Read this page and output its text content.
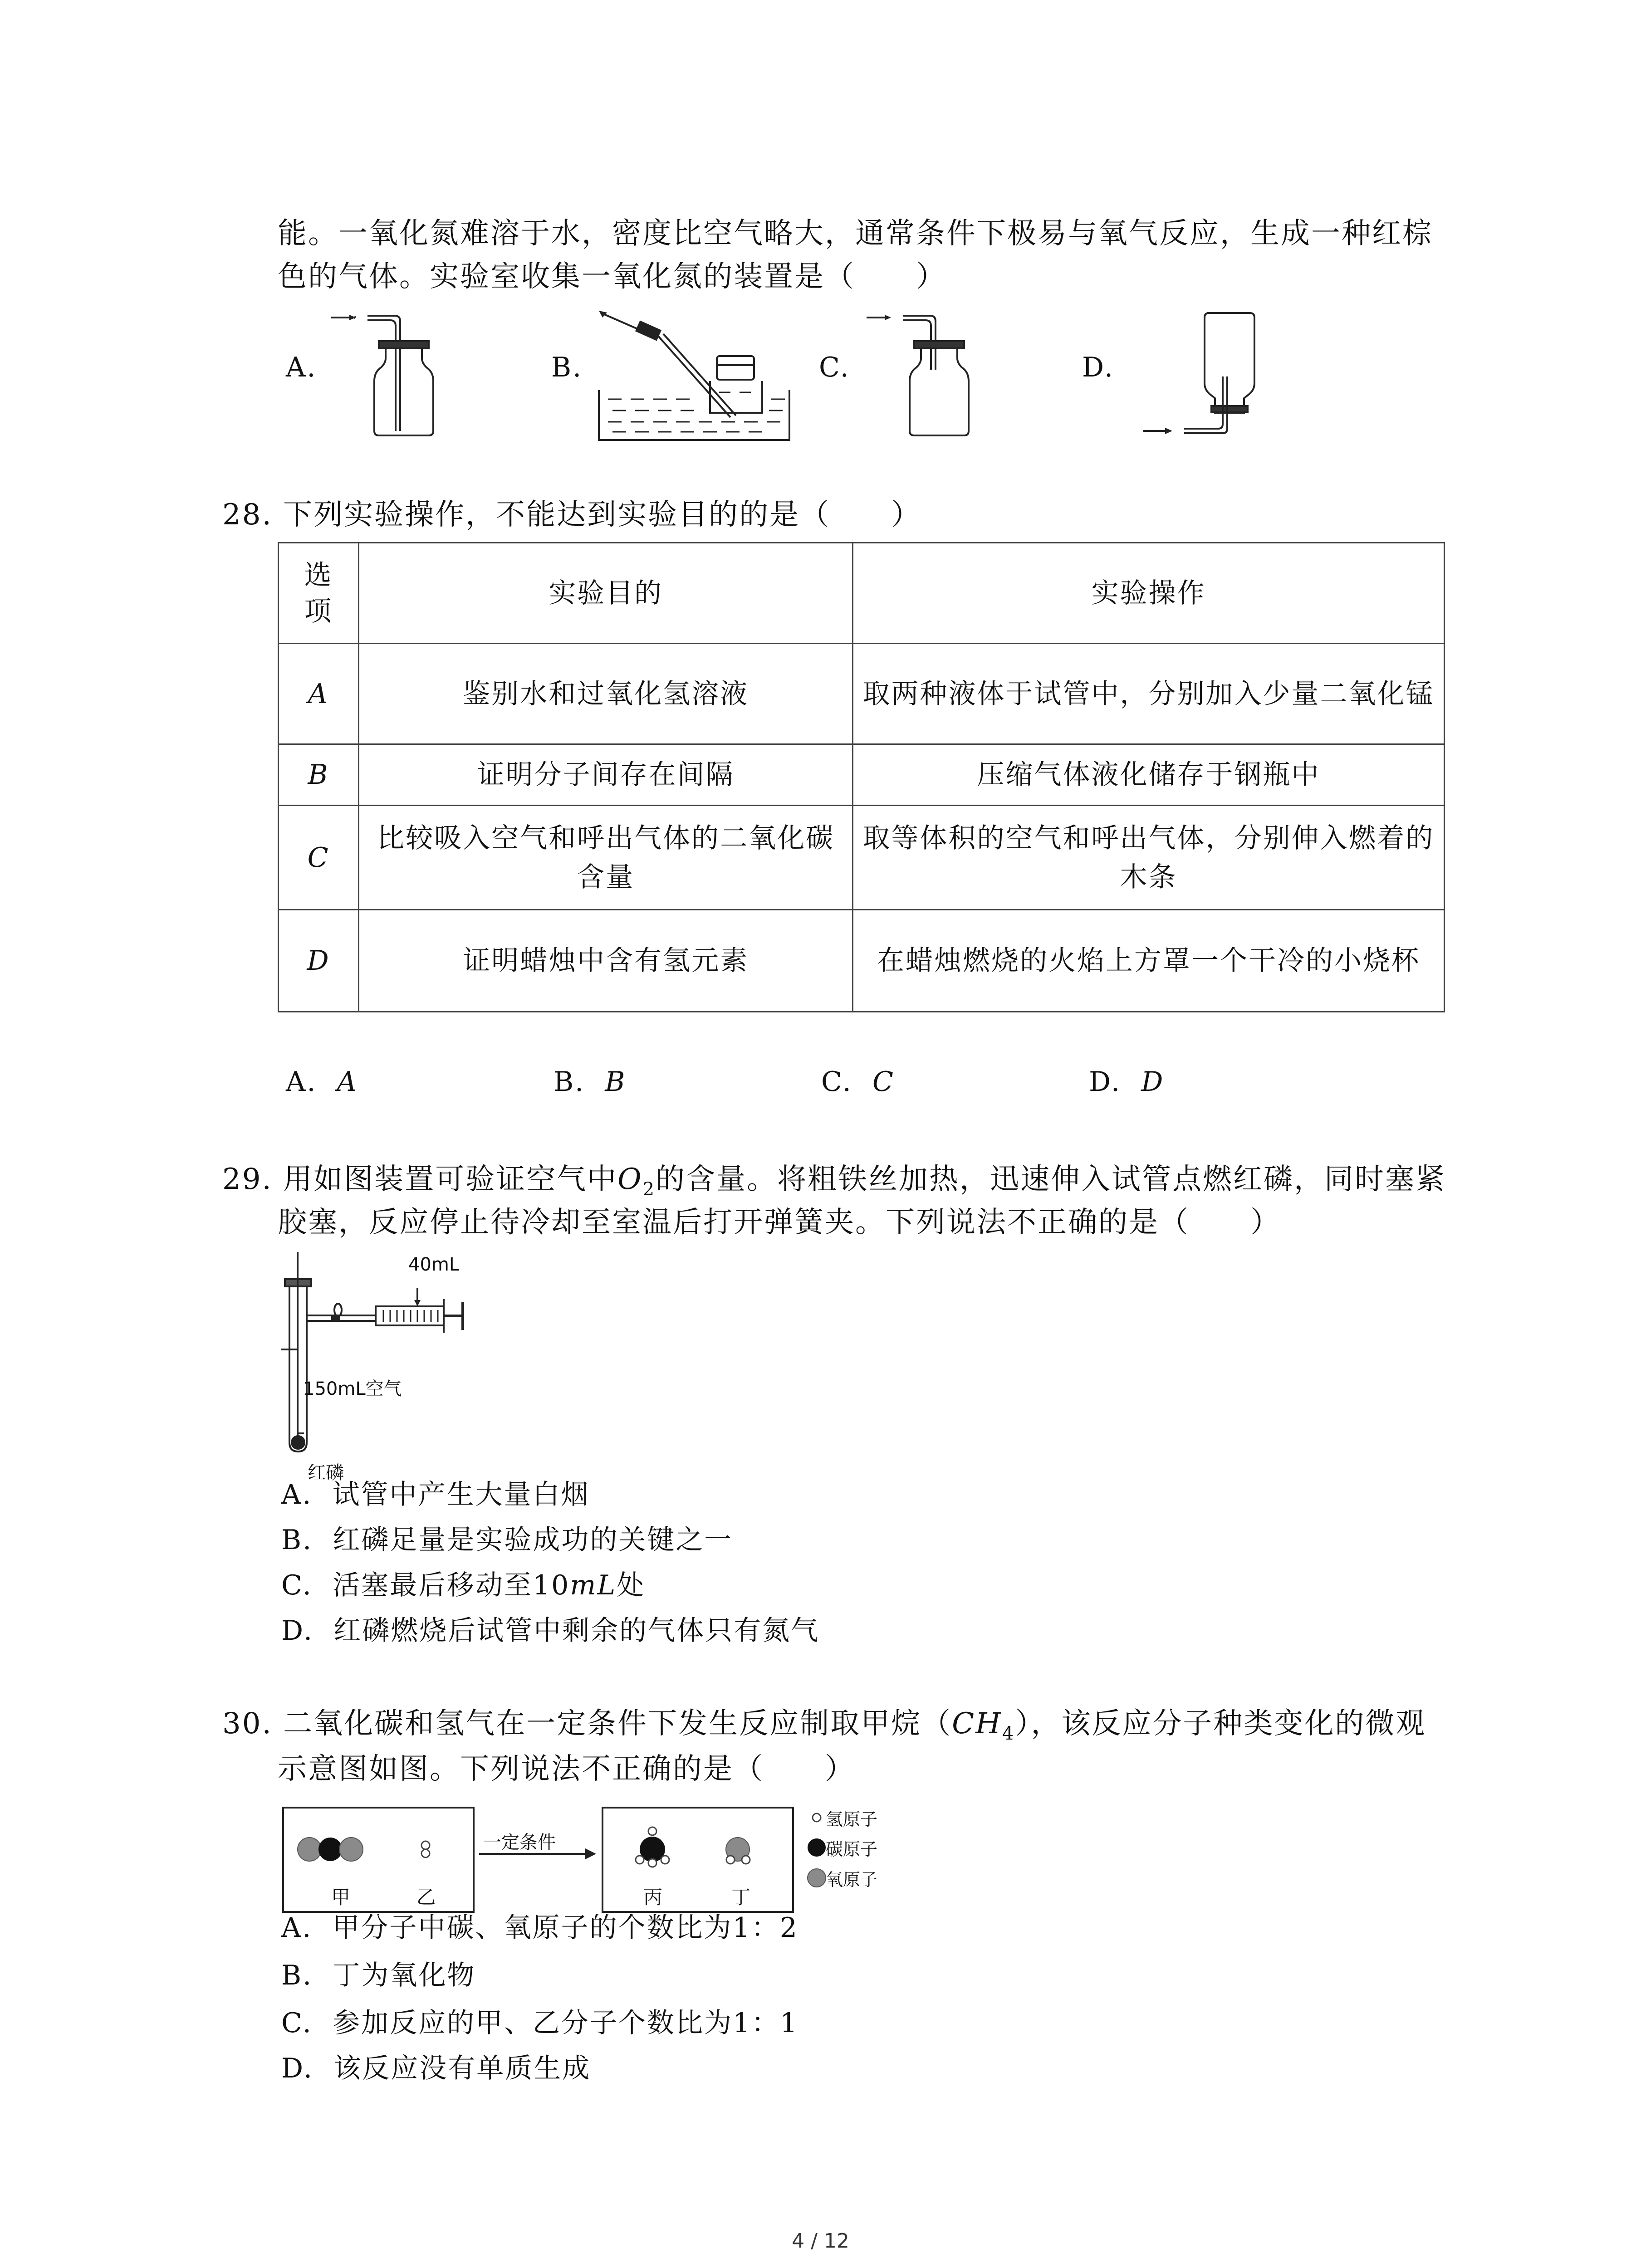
能。一氧化氮难溶于水，密度比空气略大，通常条件下极易与氧气反应，生成一种红棕
色的气体。实验室收集一氧化氮的装置是（　　）
A.	B.	C.	D.
28. 下列实验操作，不能达到实验目的的是（　　）
选
项	实验目的	实验操作
A	鉴别水和过氧化氢溶液	取两种液体于试管中，分别加入少量二氧化锰
B	证明分子间存在间隔	压缩气体液化储存于钢瓶中
C	比较吸入空气和呼出气体的二氧化碳含量	取等体积的空气和呼出气体，分别伸入燃着的木条
D	证明蜡烛中含有氢元素	在蜡烛燃烧的火焰上方罩一个干冷的小烧杯
A. A	B. B	C. C	D. D
29. 用如图装置可验证空气中$O_2$的含量。将粗铁丝加热，迅速伸入试管点燃红磷，同时塞紧
胶塞，反应停止待冷却至室温后打开弹簧夹。下列说法不正确的是（　　）
40mL
150mL空气
红磷
A. 试管中产生大量白烟
B. 红磷足量是实验成功的关键之一
C. 活塞最后移动至10mL处
D. 红磷燃烧后试管中剩余的气体只有氮气
30. 二氧化碳和氢气在一定条件下发生反应制取甲烷$(CH_4)$，该反应分子种类变化的微观
示意图如图。下列说法不正确的是（　　）
甲	乙	丙	丁
一定条件
氢原子
碳原子
氧原子
A. 甲分子中碳、氧原子的个数比为1：2
B. 丁为氧化物
C. 参加反应的甲、乙分子个数比为1：1
D. 该反应没有单质生成
4 / 12
